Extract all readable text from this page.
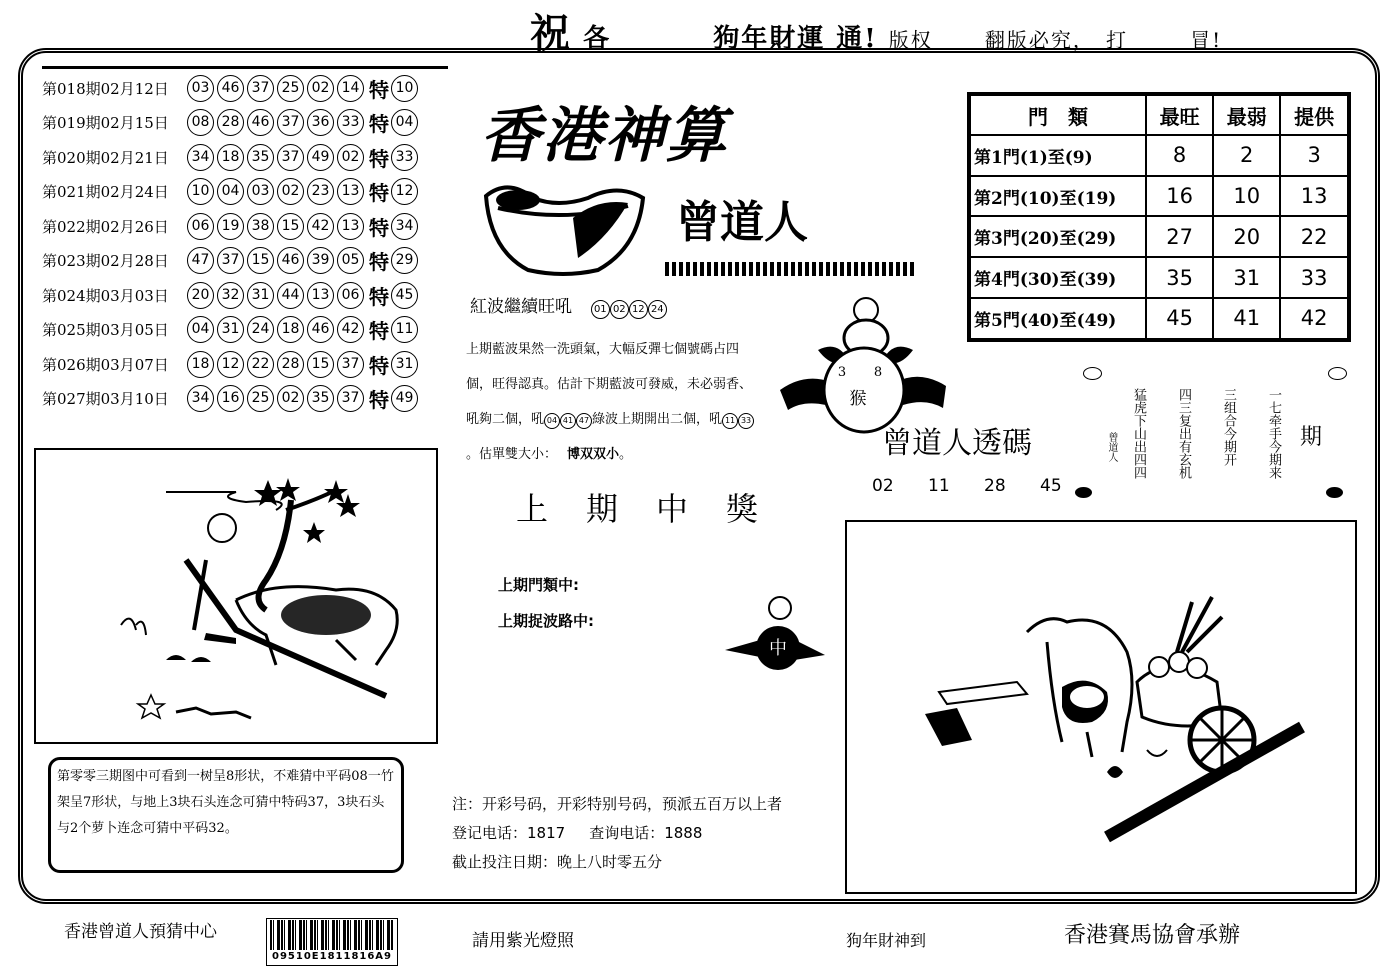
祝 各	狗年財運 通! 版权	翻版必究， 打	冒!
第018期02月12日	03 46 37 25 02 14 特 10
第019期02月15日	08 28 46 37 36 33 特 04
第020期02月21日	34 18 35 37 49 02 特 33
第021期02月24日	10 04 03 02 23 13 特 12
第022期02月26日	06 19 38 15 42 13 特 34
第023期02月28日	47 37 15 46 39 05 特 29
第024期03月03日	20 32 31 44 13 06 特 45
第025期03月05日	04 31 24 18 46 42 特 11
第026期03月07日	18 12 22 28 15 37 特 31
第027期03月10日	34 16 25 02 35 37 特 49
香港神算
曾道人
紅波繼續旺吼 01 02 12 24
上期藍波果然一洗頭氣，大幅反彈七個號碼占四個，旺得認真。估計下期藍波可發威，未必弱香、吼夠二個，吼 04 41 47 綠波上期開出二個，吼 11 33。估單雙大小： 博双双小。
上期中獎
上期門類中:
上期捉波路中:
中
門　類	最旺	最弱	提供
第1門(1)至(9)	8	2	3
第2門(10)至(19)	16	10	13
第3門(20)至(29)	27	20	22
第4門(30)至(39)	35	31	33
第5門(40)至(49)	45	41	42
3 8
猴
曾道人透碼
02 11 28 45
曾道人 猛虎下山出四四 四三复出有玄机 三组合今期开 一七牵手今期来 期
第零零三期图中可看到一树呈8形状，不难猜中平码08一竹架呈7形状，与地上3块石头连念可猜中特码37，3块石头与2个萝卜连念可猜中平码32。
注：开彩号码，开彩特别号码，预派五百万以上者
登记电话：1817 查询电话：1888
截止投注日期：晚上八时零五分
香港曾道人預猜中心
09510E1811816A9
請用紫光燈照	狗年財神到	香港賽馬協會承辦
